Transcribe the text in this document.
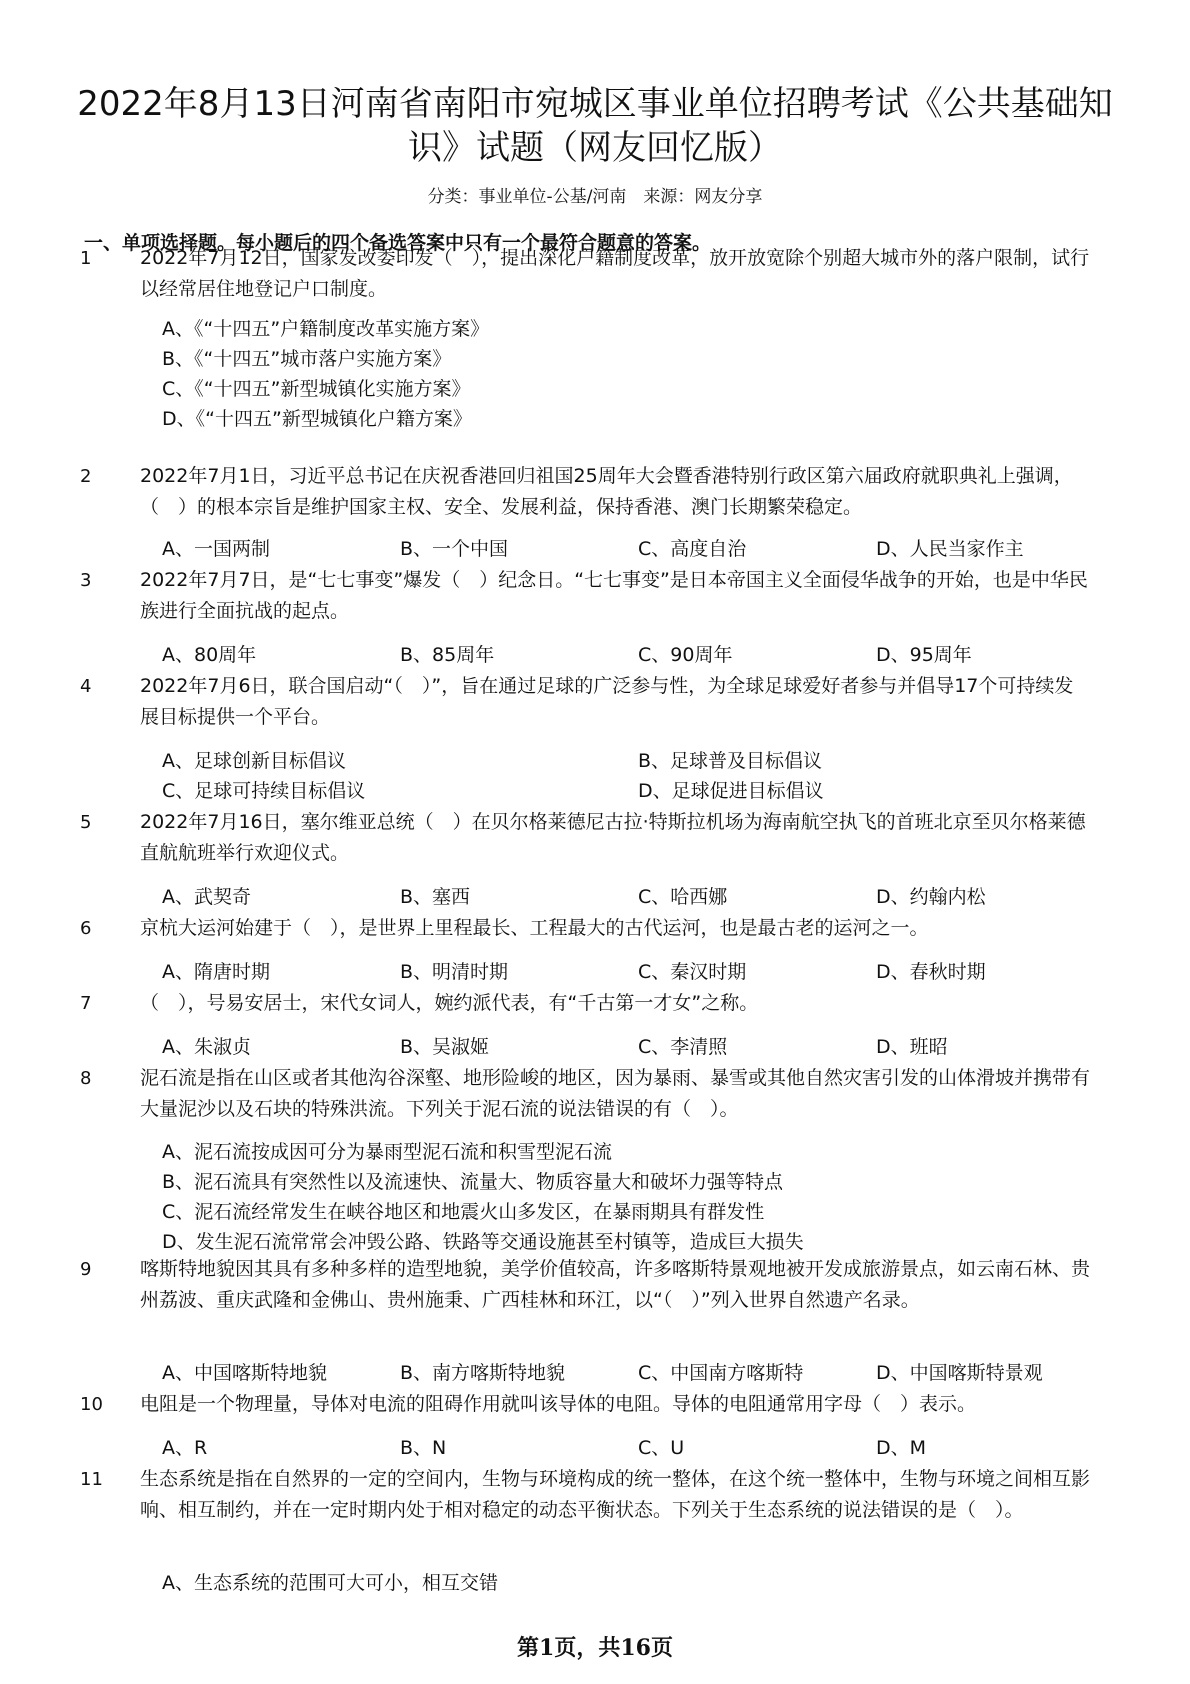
2022年8月13日河南省南阳市宛城区事业单位招聘考试《公共基础知识》试题（网友回忆版）
分类：事业单位-公基/河南　来源：网友分享
一、单项选择题。每小题后的四个备选答案中只有一个最符合题意的答案。
1	2022年7月12日，国家发改委印发（　），提出深化户籍制度改革，放开放宽除个别超大城市外的落户限制，试行以经常居住地登记户口制度。
A、《“十四五”户籍制度改革实施方案》
B、《“十四五”城市落户实施方案》
C、《“十四五”新型城镇化实施方案》
D、《“十四五”新型城镇化户籍方案》
2	2022年7月1日，习近平总书记在庆祝香港回归祖国25周年大会暨香港特别行政区第六届政府就职典礼上强调，（　）的根本宗旨是维护国家主权、安全、发展利益，保持香港、澳门长期繁荣稳定。
A、一国两制	B、一个中国	C、高度自治	D、人民当家作主
3	2022年7月7日，是“七七事变”爆发（　）纪念日。“七七事变”是日本帝国主义全面侵华战争的开始，也是中华民族进行全面抗战的起点。
A、80周年	B、85周年	C、90周年	D、95周年
4	2022年7月6日，联合国启动“（　）”，旨在通过足球的广泛参与性，为全球足球爱好者参与并倡导17个可持续发展目标提供一个平台。
A、足球创新目标倡议	B、足球普及目标倡议
C、足球可持续目标倡议	D、足球促进目标倡议
5	2022年7月16日，塞尔维亚总统（　）在贝尔格莱德尼古拉·特斯拉机场为海南航空执飞的首班北京至贝尔格莱德直航航班举行欢迎仪式。
A、武契奇	B、塞西	C、哈西娜	D、约翰内松
6	京杭大运河始建于（　），是世界上里程最长、工程最大的古代运河，也是最古老的运河之一。
A、隋唐时期	B、明清时期	C、秦汉时期	D、春秋时期
7	（　），号易安居士，宋代女词人，婉约派代表，有“千古第一才女”之称。
A、朱淑贞	B、吴淑姬	C、李清照	D、班昭
8	泥石流是指在山区或者其他沟谷深壑、地形险峻的地区，因为暴雨、暴雪或其他自然灾害引发的山体滑坡并携带有大量泥沙以及石块的特殊洪流。下列关于泥石流的说法错误的有（　）。
A、泥石流按成因可分为暴雨型泥石流和积雪型泥石流
B、泥石流具有突然性以及流速快、流量大、物质容量大和破坏力强等特点
C、泥石流经常发生在峡谷地区和地震火山多发区，在暴雨期具有群发性
D、发生泥石流常常会冲毁公路、铁路等交通设施甚至村镇等，造成巨大损失
9	喀斯特地貌因其具有多种多样的造型地貌，美学价值较高，许多喀斯特景观地被开发成旅游景点，如云南石林、贵州荔波、重庆武隆和金佛山、贵州施秉、广西桂林和环江，以“（　）”列入世界自然遗产名录。
A、中国喀斯特地貌	B、南方喀斯特地貌	C、中国南方喀斯特	D、中国喀斯特景观
10 电阻是一个物理量，导体对电流的阻碍作用就叫该导体的电阻。导体的电阻通常用字母（　）表示。
A、R	B、N	C、U	D、M
11 生态系统是指在自然界的一定的空间内，生物与环境构成的统一整体，在这个统一整体中，生物与环境之间相互影响、相互制约，并在一定时期内处于相对稳定的动态平衡状态。下列关于生态系统的说法错误的是（　）。
A、生态系统的范围可大可小，相互交错
第1页，共16页
